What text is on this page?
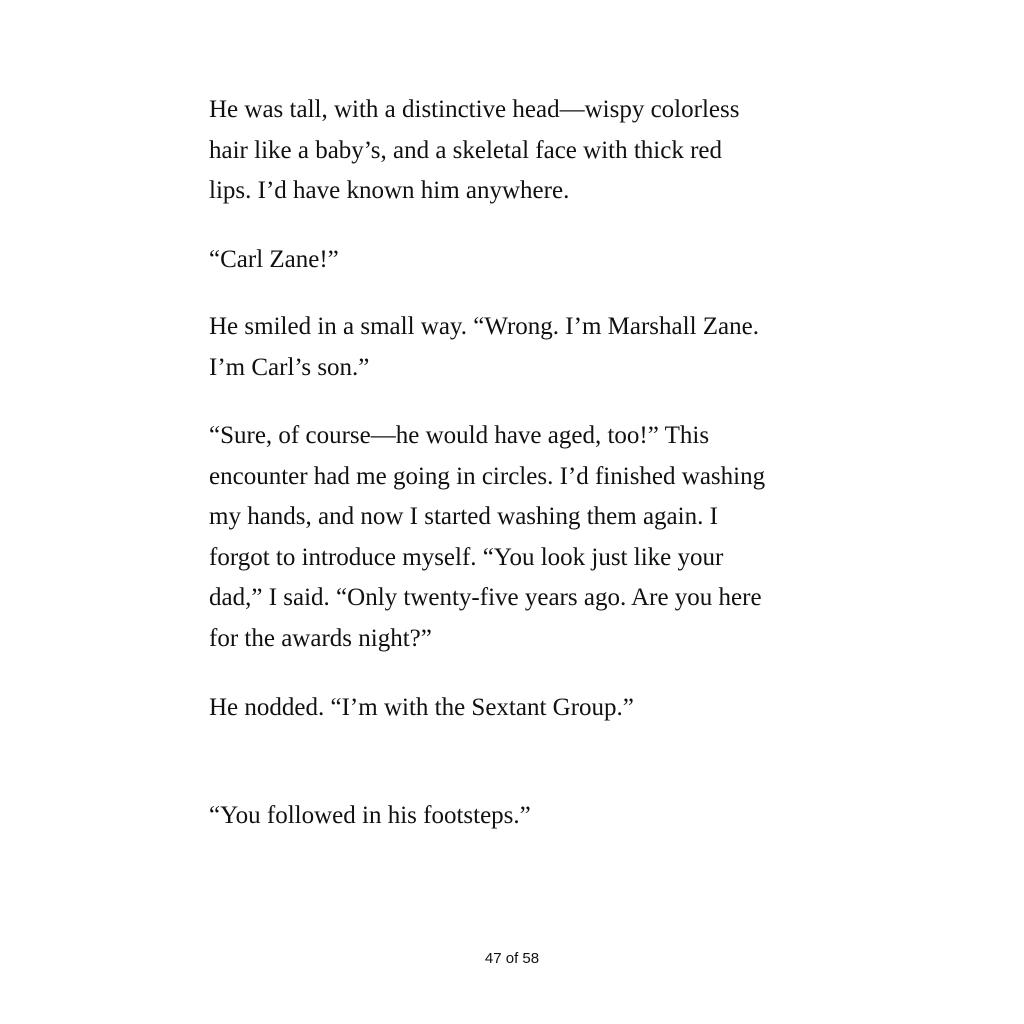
He was tall, with a distinctive head—wispy colorless
hair like a baby’s, and a skeletal face with thick red
lips. I’d have known him anywhere.

“Carl Zane!”

He smiled in a small way. “Wrong. I’m Marshall Zane.
I’m Carl’s son.”

“Sure, of course—he would have aged, too!” This
encounter had me going in circles. I’d finished washing
my hands, and now I started washing them again. I
forgot to introduce myself. “You look just like your
dad,” I said. “Only twenty-five years ago. Are you here
for the awards night?”

He nodded. “I’m with the Sextant Group.”

“You followed in his footsteps.”

47 of 58
